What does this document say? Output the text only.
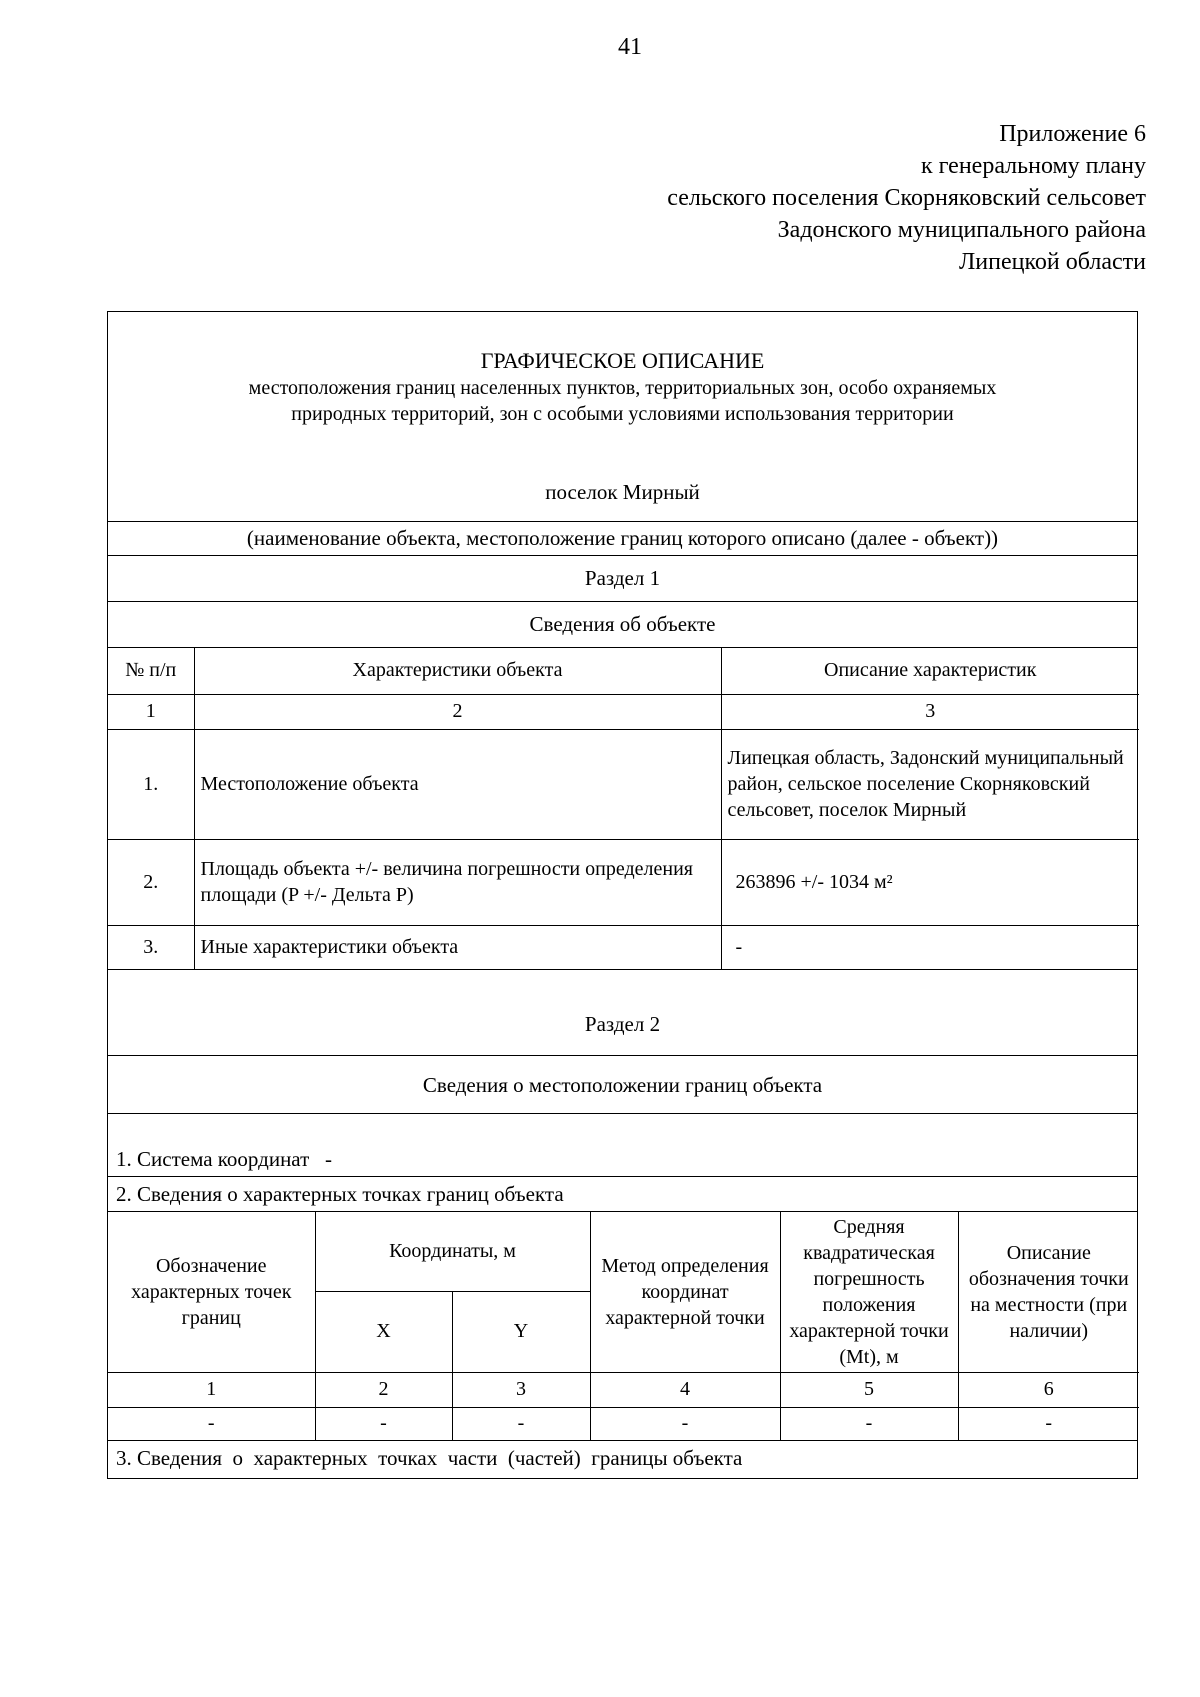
41
Приложение 6
к генеральному плану
сельского поселения Скорняковский сельсовет
Задонского муниципального района
Липецкой области
ГРАФИЧЕСКОЕ ОПИСАНИЕ
местоположения границ населенных пунктов, территориальных зон, особо охраняемых
природных территорий, зон с особыми условиями использования территории
поселок Мирный
(наименование объекта, местоположение границ которого описано (далее - объект))
Раздел 1
Сведения об объекте
№ п/п	Характеристики объекта	Описание характеристик
1	2	3
1.	Местоположение объекта	Липецкая область, Задонский муниципальный район, сельское поселение Скорняковский сельсовет, поселок Мирный
2.	Площадь объекта +/- величина погрешности определения площади (P +/- Дельта P)	263896 +/- 1034 м²
3.	Иные характеристики объекта	-
Раздел 2
Сведения о местоположении границ объекта
1. Система координат   -
2. Сведения о характерных точках границ объекта
Обозначение характерных точек границ	Координаты, м		Метод определения координат характерной точки	Средняя квадратическая погрешность положения характерной точки (Mt), м	Описание обозначения точки на местности (при наличии)
	X	Y			
1	2	3	4	5	6
-	-	-	-	-	-
3. Сведения  о  характерных  точках  части  (частей)  границы объекта
